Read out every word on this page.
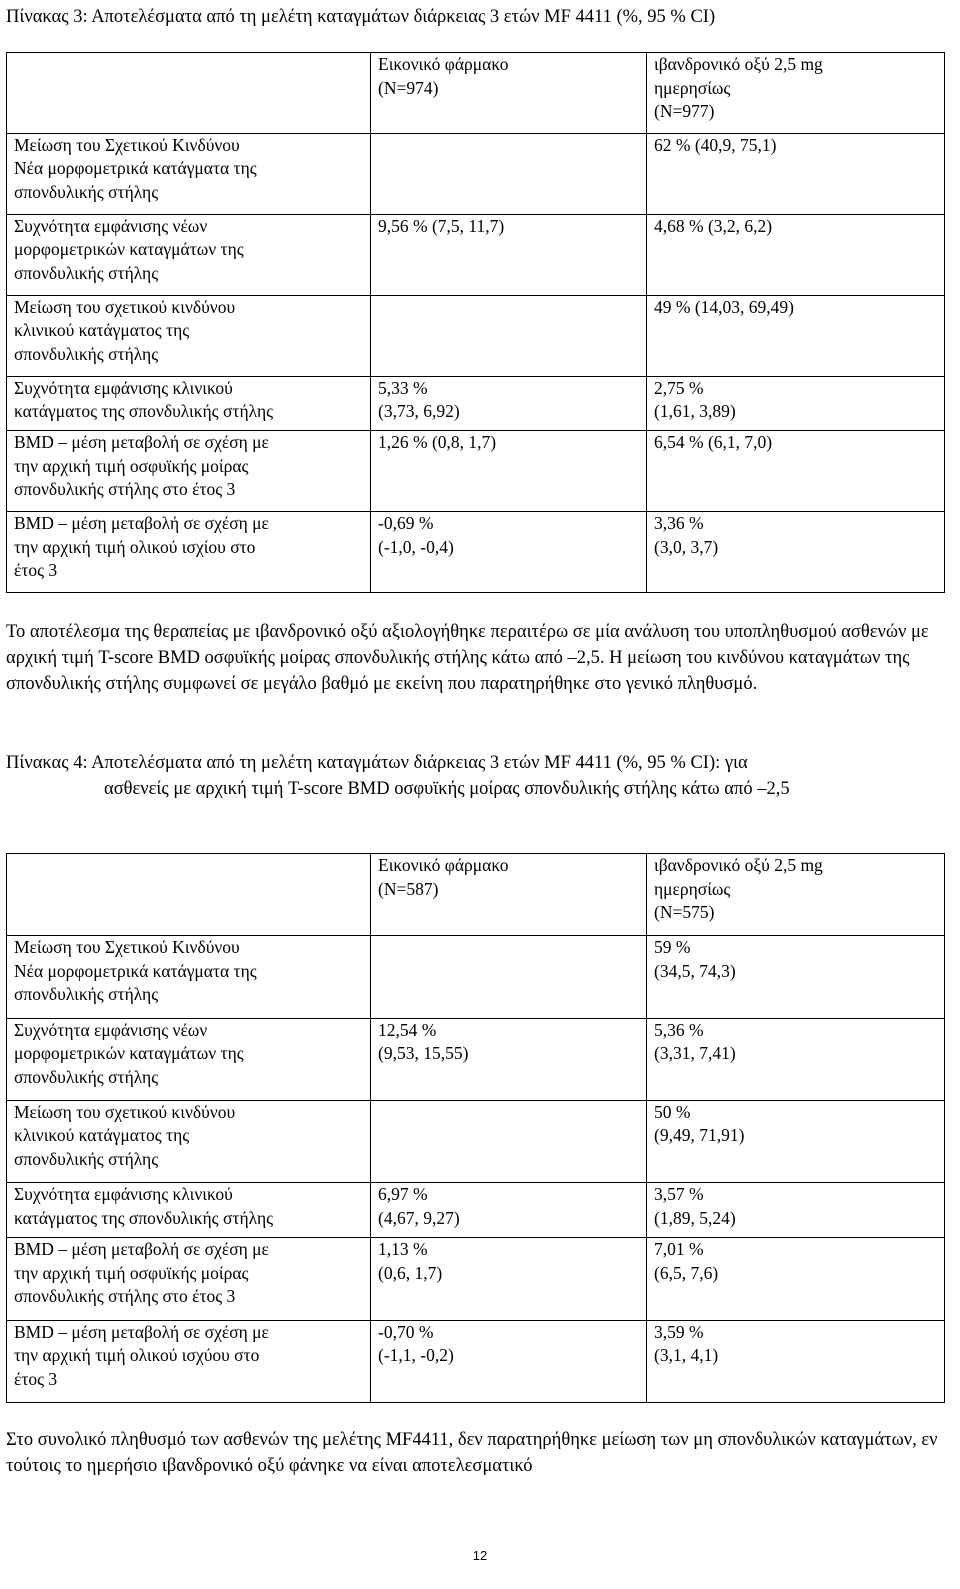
Πίνακας 3: Αποτελέσματα από τη μελέτη καταγμάτων διάρκειας 3 ετών MF 4411 (%, 95 % CI)
	Εικονικό φάρμακο
(N=974)	ιβανδρονικό οξύ 2,5 mg
ημερησίως
(N=977)
Μείωση του Σχετικού Κινδύνου
Νέα μορφομετρικά κατάγματα της
σπονδυλικής στήλης		62 % (40,9, 75,1)
Συχνότητα εμφάνισης νέων
μορφομετρικών καταγμάτων της
σπονδυλικής στήλης	9,56 % (7,5, 11,7)	4,68 % (3,2, 6,2)
Μείωση του σχετικού κινδύνου
κλινικού κατάγματος της
σπονδυλικής στήλης		49 % (14,03, 69,49)
Συχνότητα εμφάνισης κλινικού
κατάγματος της σπονδυλικής στήλης	5,33 %
(3,73, 6,92)	2,75 %
(1,61, 3,89)
BMD – μέση μεταβολή σε σχέση με
την αρχική τιμή οσφυϊκής μοίρας
σπονδυλικής στήλης στο έτος 3	1,26 % (0,8, 1,7)	6,54 % (6,1, 7,0)
BMD – μέση μεταβολή σε σχέση με
την αρχική τιμή ολικού ισχίου στο
έτος 3	-0,69 %
(-1,0, -0,4)	3,36 %
(3,0, 3,7)
Το αποτέλεσμα της θεραπείας με ιβανδρονικό οξύ αξιολογήθηκε περαιτέρω σε μία ανάλυση του υποπληθυσμού ασθενών με αρχική τιμή T-score BMD οσφυϊκής μοίρας σπονδυλικής στήλης κάτω από –2,5. Η μείωση του κινδύνου καταγμάτων της σπονδυλικής στήλης συμφωνεί σε μεγάλο βαθμό με εκείνη που παρατηρήθηκε στο γενικό πληθυσμό.
Πίνακας 4: Αποτελέσματα από τη μελέτη καταγμάτων διάρκειας 3 ετών MF 4411 (%, 95 % CI): για
ασθενείς με αρχική τιμή T-score BMD οσφυϊκής μοίρας σπονδυλικής στήλης κάτω από –2,5
	Εικονικό φάρμακο
(N=587)	ιβανδρονικό οξύ 2,5 mg
ημερησίως
(N=575)
Μείωση του Σχετικού Κινδύνου
Νέα μορφομετρικά κατάγματα της
σπονδυλικής στήλης		59 %
(34,5, 74,3)
Συχνότητα εμφάνισης νέων
μορφομετρικών καταγμάτων της
σπονδυλικής στήλης	12,54 %
(9,53, 15,55)	5,36 %
(3,31, 7,41)
Μείωση του σχετικού κινδύνου
κλινικού κατάγματος της
σπονδυλικής στήλης		50 %
(9,49, 71,91)
Συχνότητα εμφάνισης κλινικού
κατάγματος της σπονδυλικής στήλης	6,97 %
(4,67, 9,27)	3,57 %
(1,89, 5,24)
BMD – μέση μεταβολή σε σχέση με
την αρχική τιμή οσφυϊκής μοίρας
σπονδυλικής στήλης στο έτος 3	1,13 %
(0,6, 1,7)	7,01 %
(6,5, 7,6)
BMD – μέση μεταβολή σε σχέση με
την αρχική τιμή ολικού ισχύου στο
έτος 3	-0,70 %
(-1,1, -0,2)	3,59 %
(3,1, 4,1)
Στο συνολικό πληθυσμό των ασθενών της μελέτης MF4411, δεν παρατηρήθηκε μείωση των μη σπονδυλικών καταγμάτων, εν τούτοις το ημερήσιο ιβανδρονικό οξύ φάνηκε να είναι αποτελεσματικό
12
